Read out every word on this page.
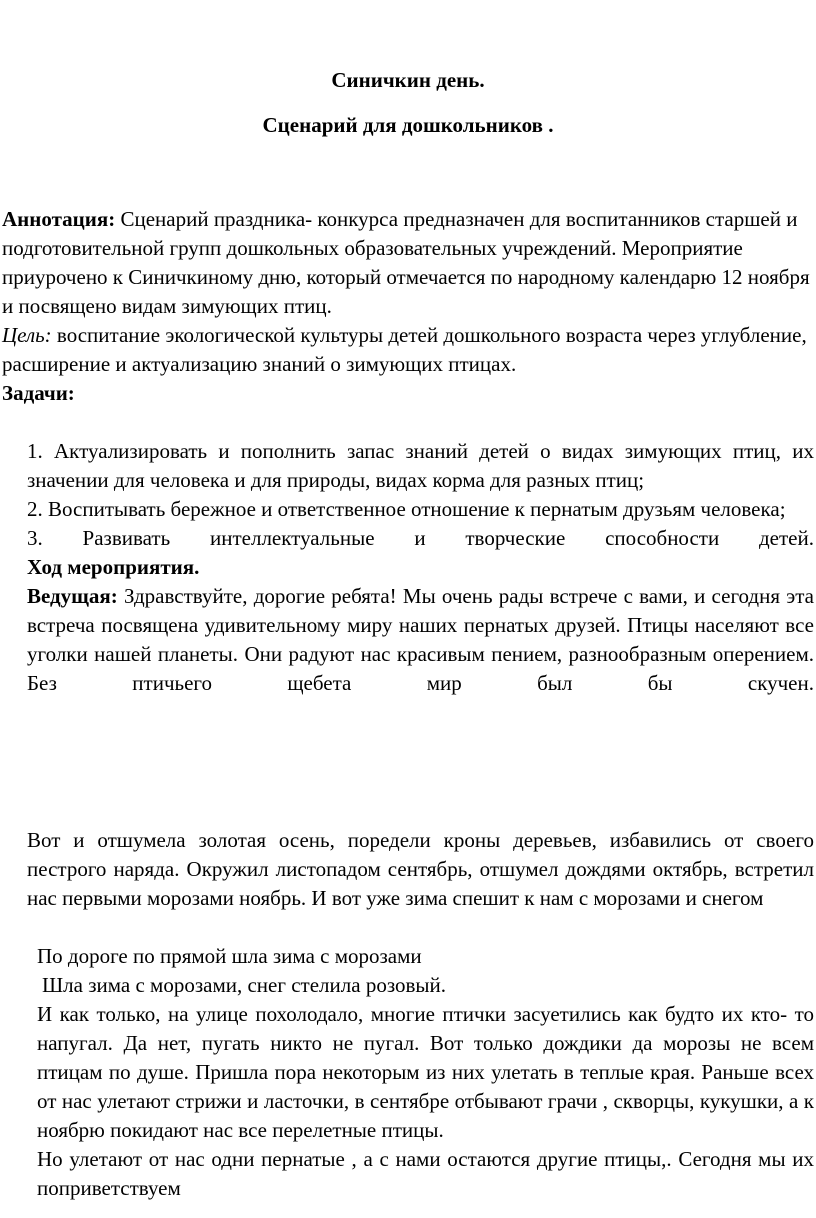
Синичкин день.
Сценарий для дошкольников .

Аннотация: Сценарий праздника- конкурса предназначен для воспитанников старшей и подготовительной групп дошкольных образовательных учреждений. Мероприятие приурочено к Синичкиному дню, который отмечается по народному календарю 12 ноября и посвящено видам зимующих птиц.

Цель: воспитание экологической культуры детей дошкольного возраста через углубление, расширение и актуализацию знаний о зимующих птицах.

Задачи:

1. Актуализировать и пополнить запас знаний детей о видах зимующих птиц, их значении для человека и для природы, видах корма для разных птиц;

2. Воспитывать бережное и ответственное отношение к пернатым друзьям человека;

3. Развивать интеллектуальные и творческие способности детей.

Ход мероприятия.

Ведущая: Здравствуйте, дорогие ребята! Мы очень рады встрече с вами, и сегодня эта встреча посвящена удивительному миру наших пернатых друзей. Птицы населяют все уголки нашей планеты. Они радуют нас красивым пением, разнообразным оперением. Без птичьего щебета мир был бы скучен.

Вот и отшумела золотая осень, поредели кроны деревьев, избавились от своего пестрого наряда. Окружил листопадом сентябрь, отшумел дождями октябрь, встретил нас первыми морозами ноябрь. И вот уже зима спешит к нам с морозами и снегом

По дороге по прямой шла зима с морозами

Шла зима с морозами, снег стелила розовый.

И как только, на улице похолодало, многие птички засуетились как будто их кто- то напугал. Да нет, пугать никто не пугал. Вот только дождики да морозы не всем птицам по душе. Пришла пора некоторым из них улетать в теплые края. Раньше всех от нас улетают стрижи и ласточки, в сентябре отбывают грачи , скворцы, кукушки, а к ноябрю покидают нас все перелетные птицы.

Но улетают от нас одни пернатые , а с нами остаются другие птицы,. Сегодня мы их поприветствуем
